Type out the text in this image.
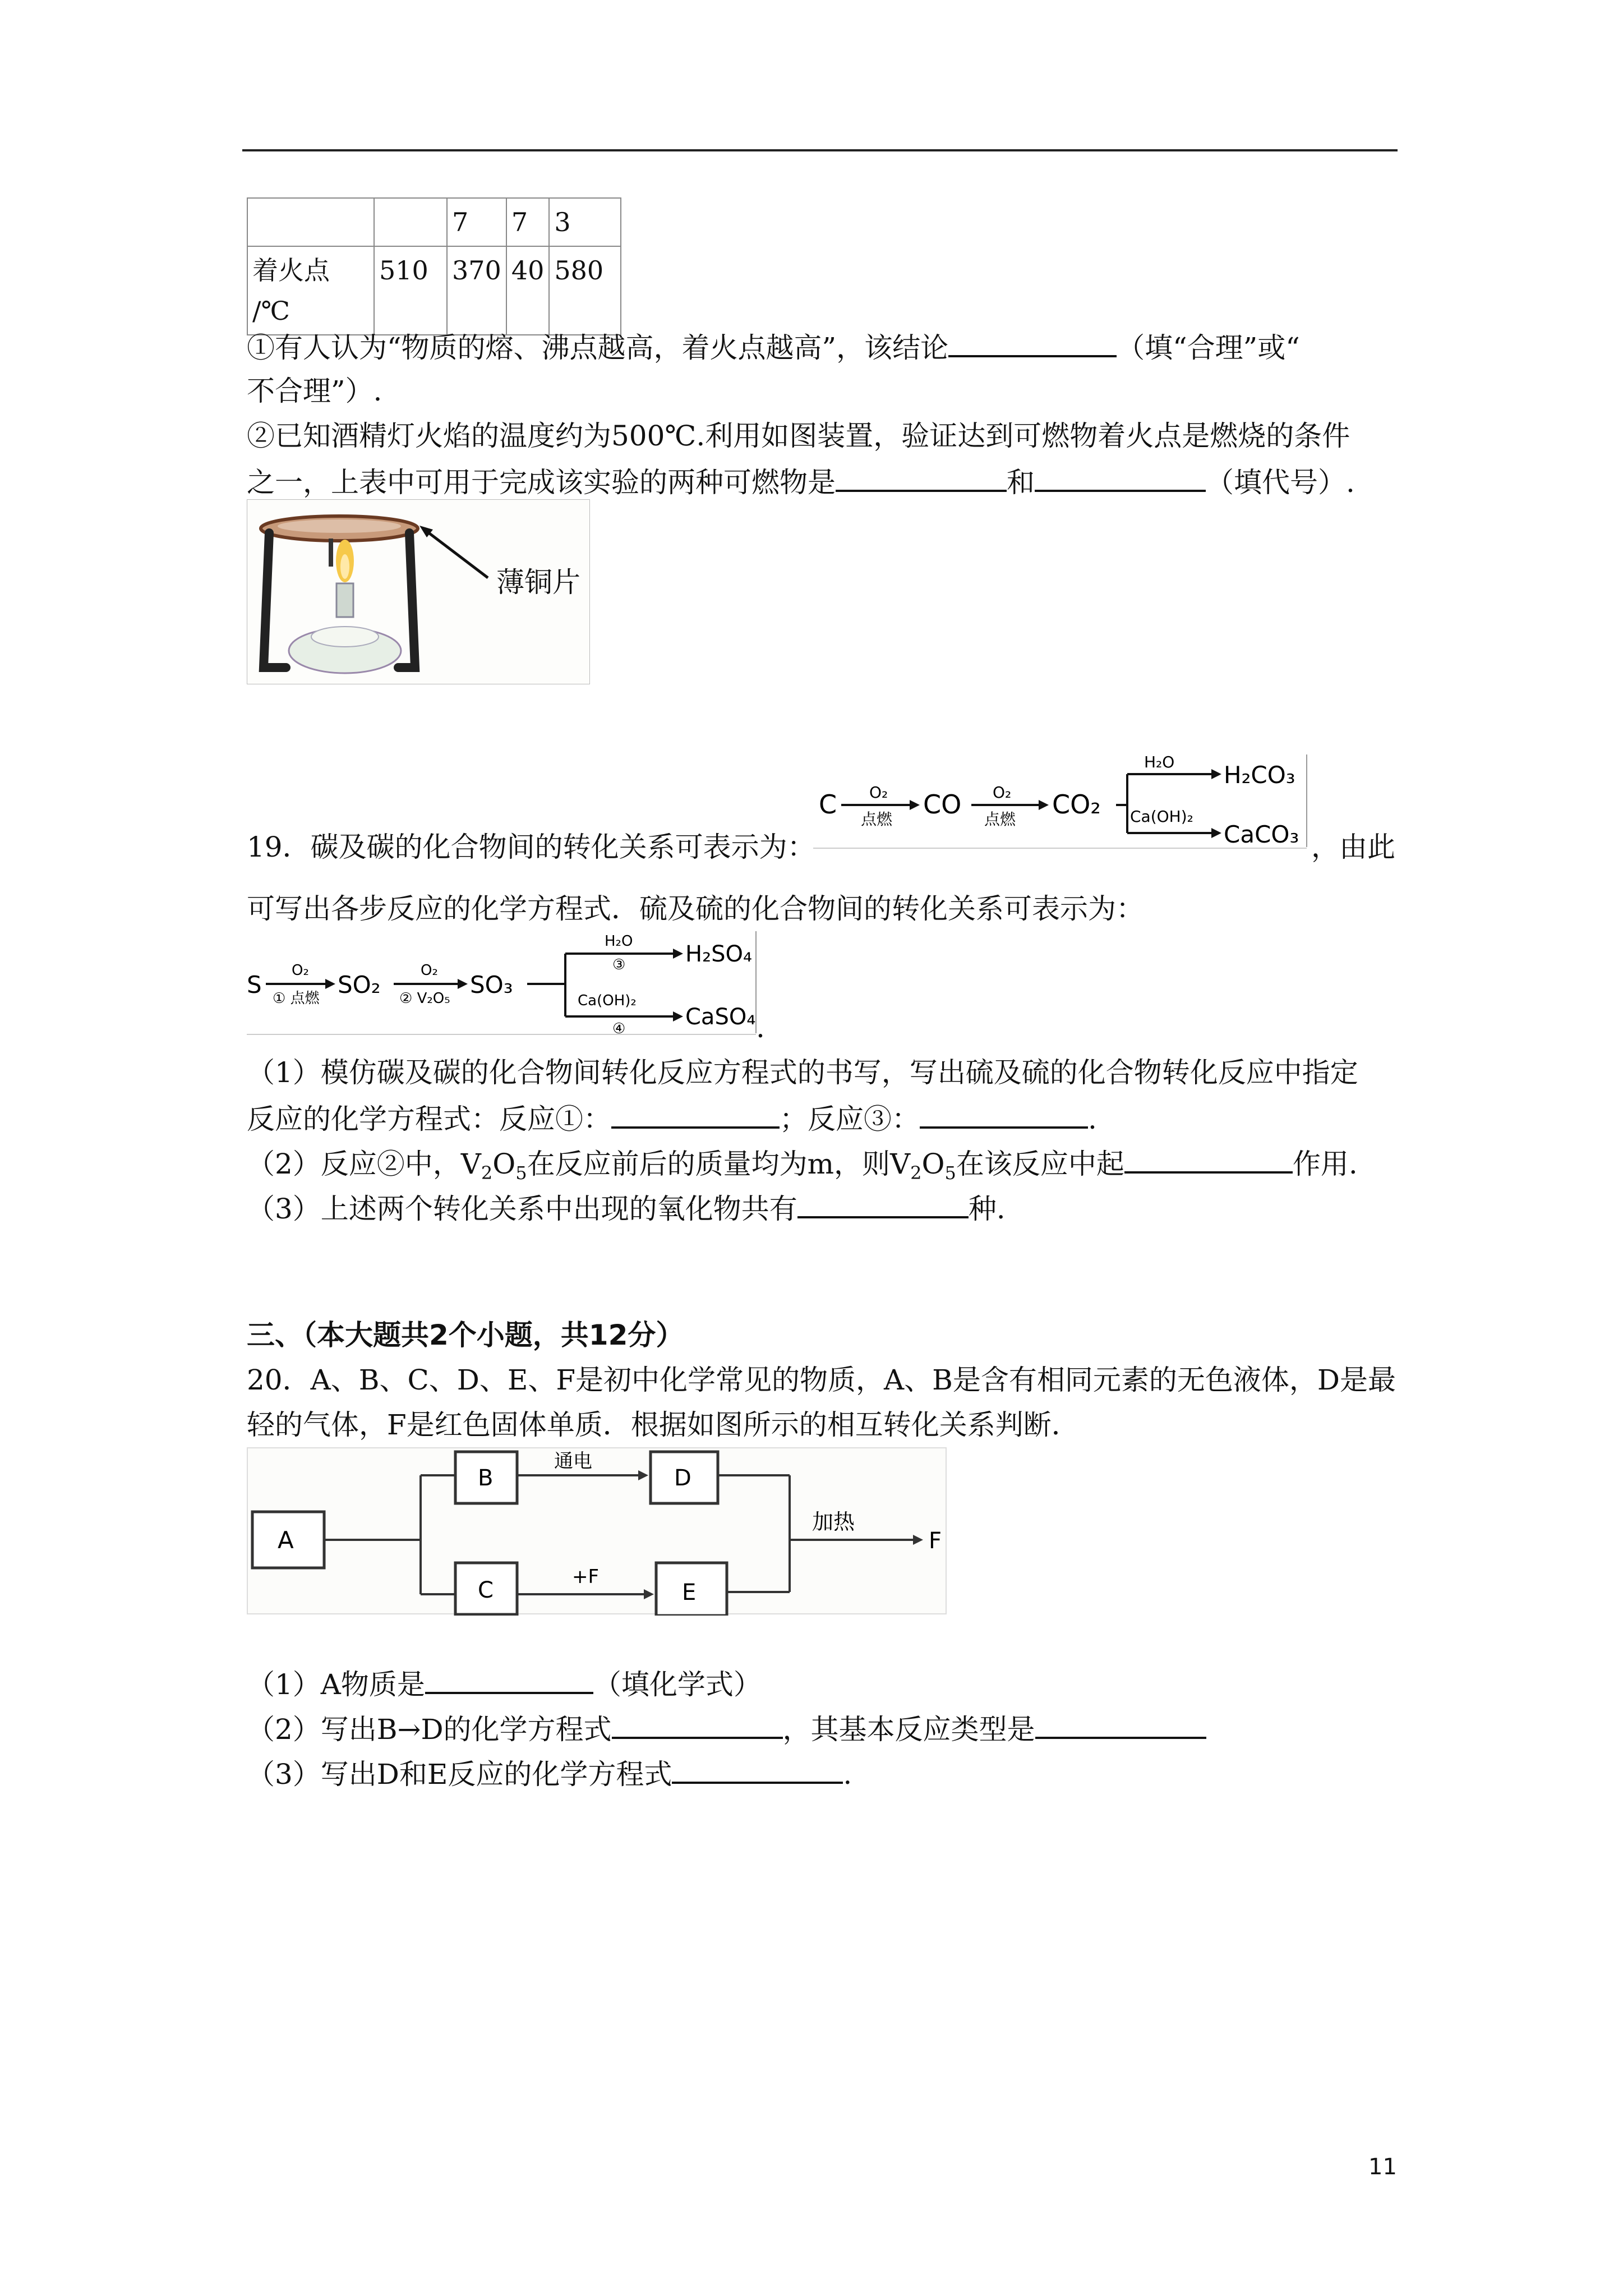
		7	7	3

着火点
/℃	510	370	40	580
①有人认为“物质的熔、沸点越高，着火点越高”，该结论	（填“合理”或“
不合理”）.
②已知酒精灯火焰的温度约为500℃.利用如图装置，验证达到可燃物着火点是燃烧的条件
之一，上表中可用于完成该实验的两种可燃物是	和	（填代号）.
薄铜片
C O₂
点燃 CO O₂
点燃 CO₂
H₂O H₂CO₃
Ca(OH)₂
CaCO₃
19．碳及碳的化合物间的转化关系可表示为：	，由此
可写出各步反应的化学方程式．硫及硫的化合物间的转化关系可表示为：
S
O₂
① 点燃 SO₂
O₂
② V₂O₅ SO₃
H₂O
③	H₂SO₄
Ca(OH)₂
④	CaSO₄ .
（1）模仿碳及碳的化合物间转化反应方程式的书写，写出硫及硫的化合物转化反应中指定
反应的化学方程式：反应①：	；反应③：	.
（2）反应②中，$V_2O_5$在反应前后的质量均为m，则$V_2O_5$在该反应中起	作用.
（3）上述两个转化关系中出现的氧化物共有	种.
三、（本大题共2个小题，共12分）
20．A、B、C、D、E、F是初中化学常见的物质，A、B是含有相同元素的无色液体，D是最
轻的气体，F是红色固体单质．根据如图所示的相互转化关系判断．
A
B
C
通电
D
+F
E
加热
F
（1）A物质是	（填化学式）
（2）写出B→D的化学方程式	，其基本反应类型是
（3）写出D和E反应的化学方程式	.
11
